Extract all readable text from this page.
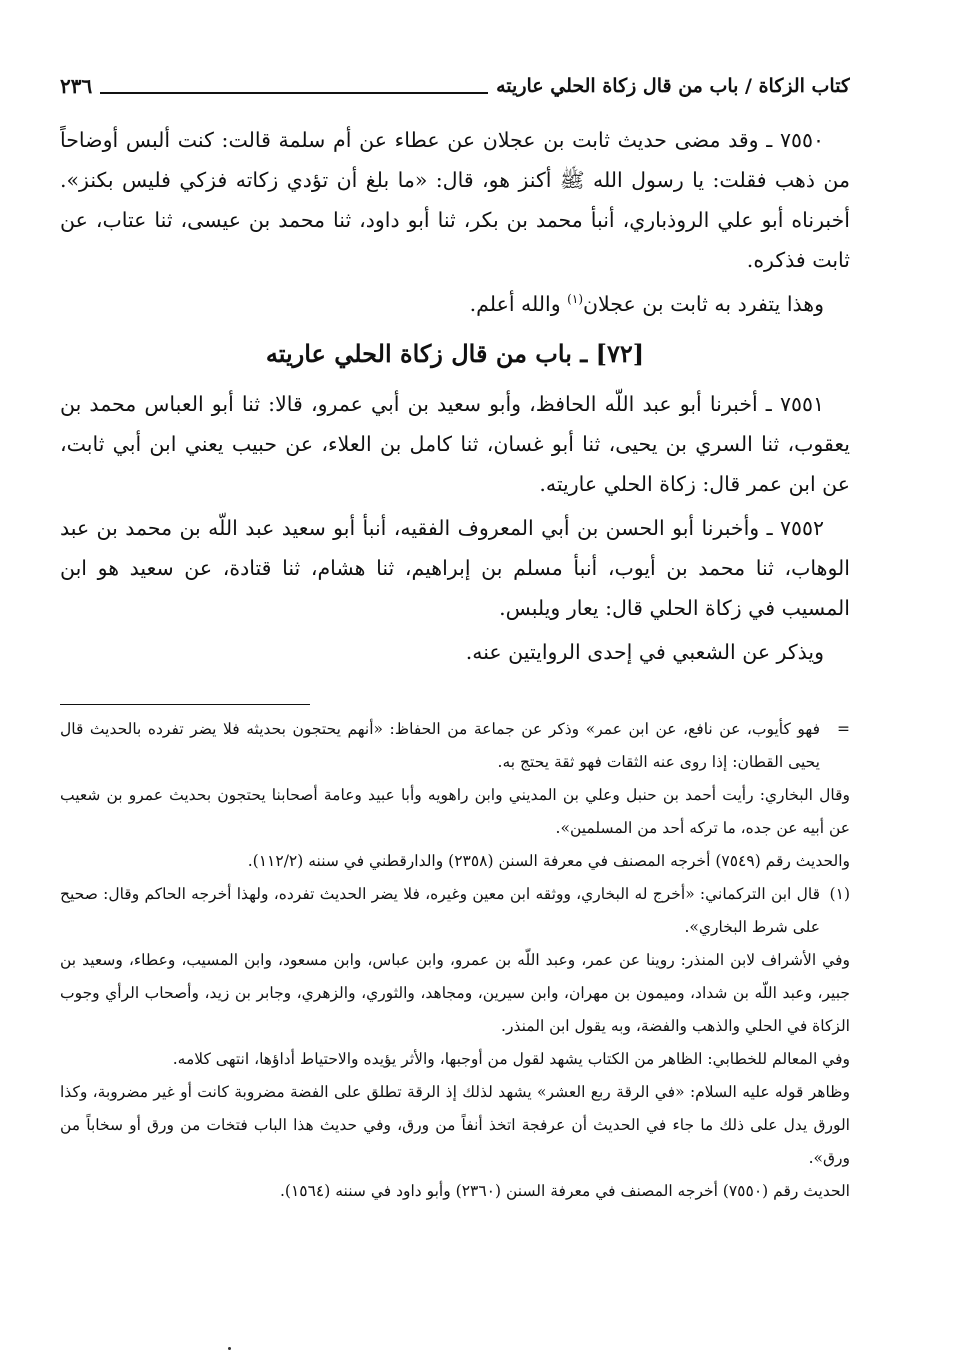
كتاب الزكاة / باب من قال زكاة الحلي عاريته
٢٣٦

٧٥٥٠ ـ وقد مضى حديث ثابت بن عجلان عن عطاء عن أم سلمة قالت: كنت ألبس أوضاحاً من ذهب فقلت: يا رسول الله ﷺ أكنز هو، قال: «ما بلغ أن تؤدي زكاته فزكي فليس بكنز». أخبرناه أبو علي الروذباري، أنبأ محمد بن بكر، ثنا أبو داود، ثنا محمد بن عيسى، ثنا عتاب، عن ثابت فذكره.

وهذا يتفرد به ثابت بن عجلان$^{(١)}$ والله أعلم.

[٧٢] ـ باب من قال زكاة الحلي عاريته

٧٥٥١ ـ أخبرنا أبو عبد اللّه الحافظ، وأبو سعيد بن أبي عمرو، قالا: ثنا أبو العباس محمد بن يعقوب، ثنا السري بن يحيى، ثنا أبو غسان، ثنا كامل بن العلاء، عن حبيب يعني ابن أبي ثابت، عن ابن عمر قال: زكاة الحلي عاريته.

٧٥٥٢ ـ وأخبرنا أبو الحسن بن أبي المعروف الفقيه، أنبأ أبو سعيد عبد اللّه بن محمد بن عبد الوهاب، ثنا محمد بن أيوب، أنبأ مسلم بن إبراهيم، ثنا هشام، ثنا قتادة، عن سعيد هو ابن المسيب في زكاة الحلي قال: يعار ويلبس.

ويذكر عن الشعبي في إحدى الروايتين عنه.

=
فهو كأيوب، عن نافع، عن ابن عمر» وذكر عن جماعة من الحفاظ: «أنهم يحتجون بحديثه فلا يضر تفرده بالحديث قال يحيى القطان: إذا روى عنه الثقات فهو ثقة يحتج به.
وقال البخاري: رأيت أحمد بن حنبل وعلي بن المديني وابن راهويه وأبا عبيد وعامة أصحابنا يحتجون بحديث عمرو بن شعيب عن أبيه عن جده، ما تركه أحد من المسلمين».
والحديث رقم (٧٥٤٩) أخرجه المصنف في معرفة السنن (٢٣٥٨) والدارقطني في سننه (١١٢/٢).
(١)
قال ابن التركماني: «أخرج له البخاري، ووثقه ابن معين وغيره، فلا يضر الحديث تفرده، ولهذا أخرجه الحاكم وقال: صحيح على شرط البخاري».
وفي الأشراف لابن المنذر: روينا عن عمر، وعبد اللّه بن عمرو، وابن عباس، وابن مسعود، وابن المسيب، وعطاء، وسعيد بن جبير، وعبد اللّه بن شداد، وميمون بن مهران، وابن سيرين، ومجاهد، والثوري، والزهري، وجابر بن زيد، وأصحاب الرأي وجوب الزكاة في الحلي والذهب والفضة، وبه يقول ابن المنذر.
وفي المعالم للخطابي: الظاهر من الكتاب يشهد لقول من أوجبها، والأثر يؤيده والاحتياط أداؤها، انتهى كلامه.
وظاهر قوله عليه السلام: «في الرقة ربع العشر» يشهد لذلك إذ الرقة تطلق على الفضة مضروبة كانت أو غير مضروبة، وكذا الورق يدل على ذلك ما جاء في الحديث أن عرفجة اتخذ أنفاً من ورق، وفي حديث هذا الباب فتخات من ورق أو سخاباً من ورق».
الحديث رقم (٧٥٥٠) أخرجه المصنف في معرفة السنن (٢٣٦٠) وأبو داود في سننه (١٥٦٤).
